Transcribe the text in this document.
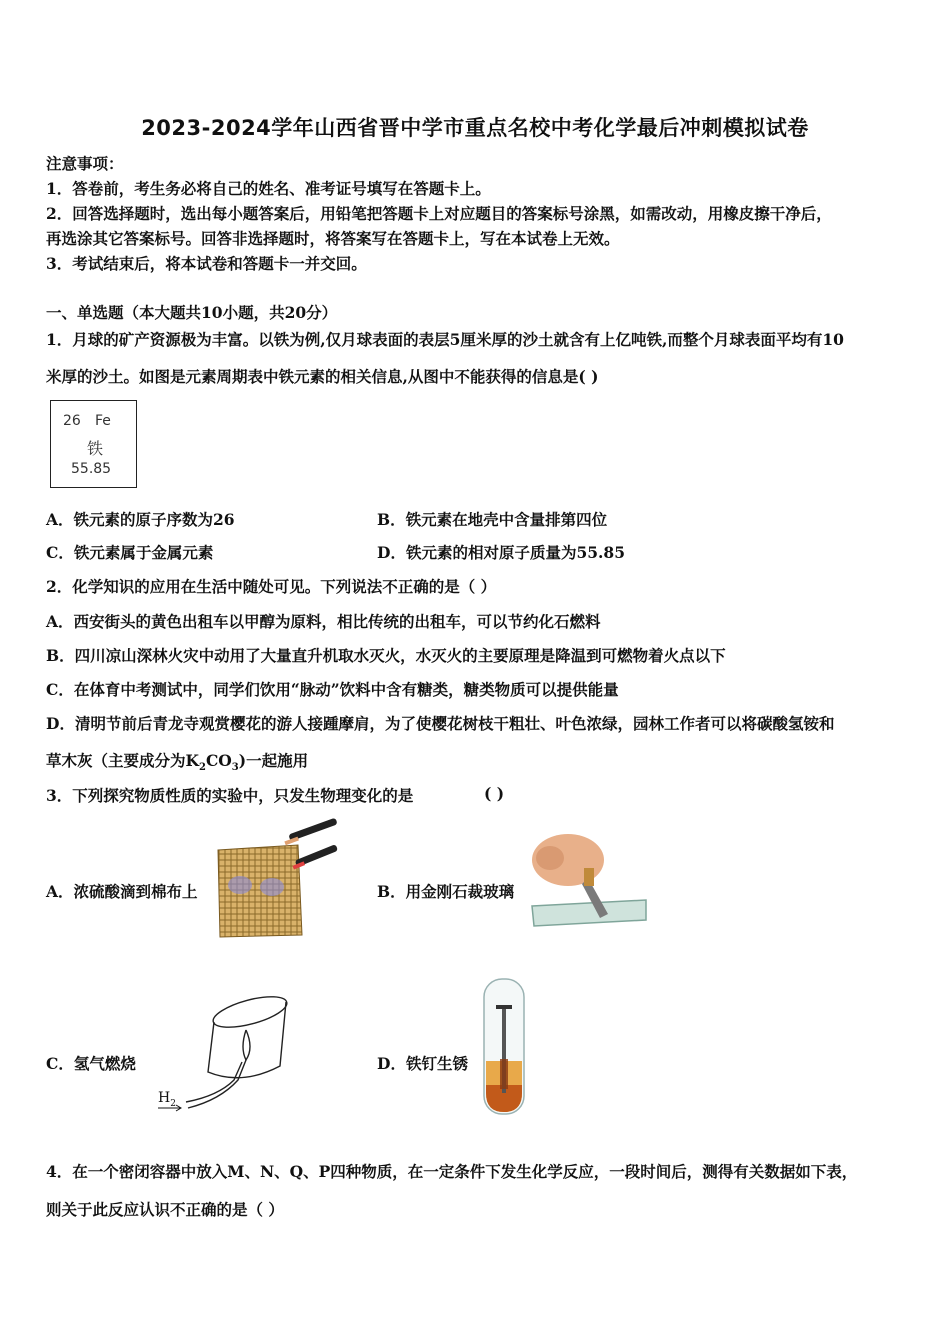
2023-2024学年山西省晋中学市重点名校中考化学最后冲刺模拟试卷
注意事项：
1．答卷前，考生务必将自己的姓名、准考证号填写在答题卡上。
2．回答选择题时，选出每小题答案后，用铅笔把答题卡上对应题目的答案标号涂黑，如需改动，用橡皮擦干净后，
再选涂其它答案标号。回答非选择题时，将答案写在答题卡上，写在本试卷上无效。
3．考试结束后，将本试卷和答题卡一并交回。
一、单选题（本大题共10小题，共20分）
1．月球的矿产资源极为丰富。以铁为例,仅月球表面的表层5厘米厚的沙土就含有上亿吨铁,而整个月球表面平均有10
米厚的沙土。如图是元素周期表中铁元素的相关信息,从图中不能获得的信息是( )
26 Fe
铁
55.85
A．铁元素的原子序数为26	B．铁元素在地壳中含量排第四位
C．铁元素属于金属元素	D．铁元素的相对原子质量为55.85
2．化学知识的应用在生活中随处可见。下列说法不正确的是（ ）
A．西安街头的黄色出租车以甲醇为原料，相比传统的出租车，可以节约化石燃料
B．四川凉山深林火灾中动用了大量直升机取水灭火，水灭火的主要原理是降温到可燃物着火点以下
C．在体育中考测试中，同学们饮用“脉动”饮料中含有糖类，糖类物质可以提供能量
D．清明节前后青龙寺观赏樱花的游人接踵摩肩，为了使樱花树枝干粗壮、叶色浓绿，园林工作者可以将碳酸氢铵和
草木灰（主要成分为$K_2CO_3$)一起施用
3．下列探究物质性质的实验中，只发生物理变化的是	( )
A．浓硫酸滴到棉布上	B．用金刚石裁玻璃
C．氢气燃烧	D．铁钉生锈
$H_2$
4．在一个密闭容器中放入M、N、Q、P四种物质，在一定条件下发生化学反应，一段时间后，测得有关数据如下表，
则关于此反应认识不正确的是（ ）
